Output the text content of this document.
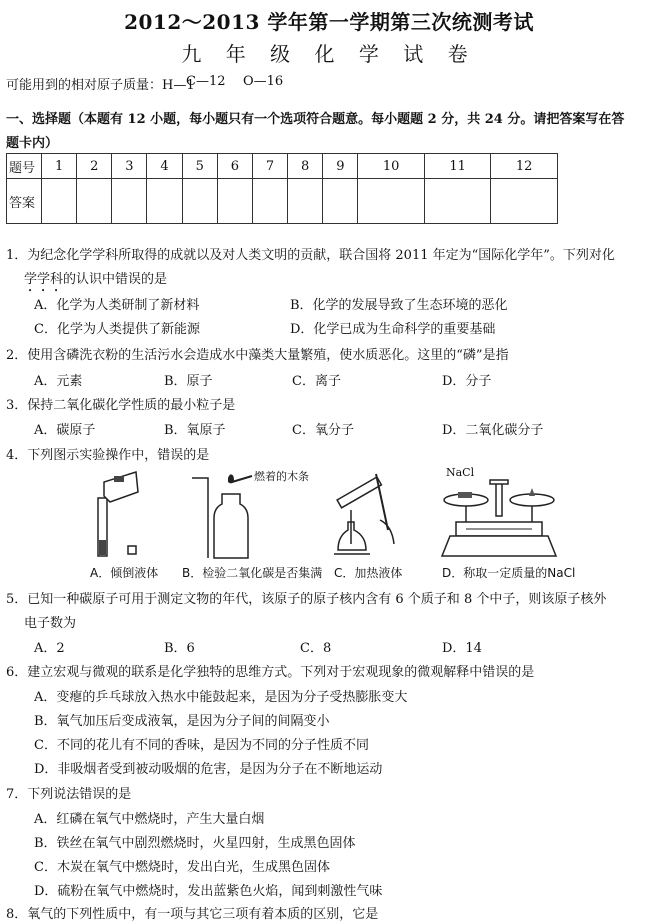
2012～2013 学年第一学期第三次统测考试
九 年 级 化 学 试 卷
可能用到的相对原子质量：H—1
C—12 O—16
一、选择题（本题有 12 小题，每小题只有一个选项符合题意。每小题题 2 分，共 24 分。请把答案写在答
题卡内）
题号	1	2	3	4	5	6	7	8	9	10	11	12
答案												
1．为纪念化学学科所取得的成就以及对人类文明的贡献，联合国将 2011 年定为“国际化学年”。下列对化
学学科的认识中错误的是
A．化学为人类研制了新材料	B．化学的发展导致了生态环境的恶化
C．化学为人类提供了新能源	D．化学已成为生命科学的重要基础
2．使用含磷洗衣粉的生活污水会造成水中藻类大量繁殖，使水质恶化。这里的“磷”是指
A．元素	B．原子	C．离子	D．分子
3．保持二氧化碳化学性质的最小粒子是
A．碳原子	B．氧原子	C．氧分子	D．二氧化碳分子
4．下列图示实验操作中，错误的是
燃着的木条	NaCl
A．倾倒液体 B．检验二氧化碳是否集满 C．加热液体	D．称取一定质量的NaCl
5．已知一种碳原子可用于测定文物的年代，该原子的原子核内含有 6 个质子和 8 个中子，则该原子核外
电子数为
A．2	B．6	C．8	D．14
6．建立宏观与微观的联系是化学独特的思维方式。下列对于宏观现象的微观解释中错误的是
A．变瘪的乒乓球放入热水中能鼓起来，是因为分子受热膨胀变大
B．氧气加压后变成液氧，是因为分子间的间隔变小
C．不同的花儿有不同的香味，是因为不同的分子性质不同
D．非吸烟者受到被动吸烟的危害，是因为分子在不断地运动
7．下列说法错误的是
A．红磷在氧气中燃烧时，产生大量白烟
B．铁丝在氧气中剧烈燃烧时，火星四射，生成黑色固体
C．木炭在氧气中燃烧时，发出白光，生成黑色固体
D．硫粉在氧气中燃烧时，发出蓝紫色火焰，闻到刺激性气味
8．氧气的下列性质中，有一项与其它三项有着本质的区别，它是
